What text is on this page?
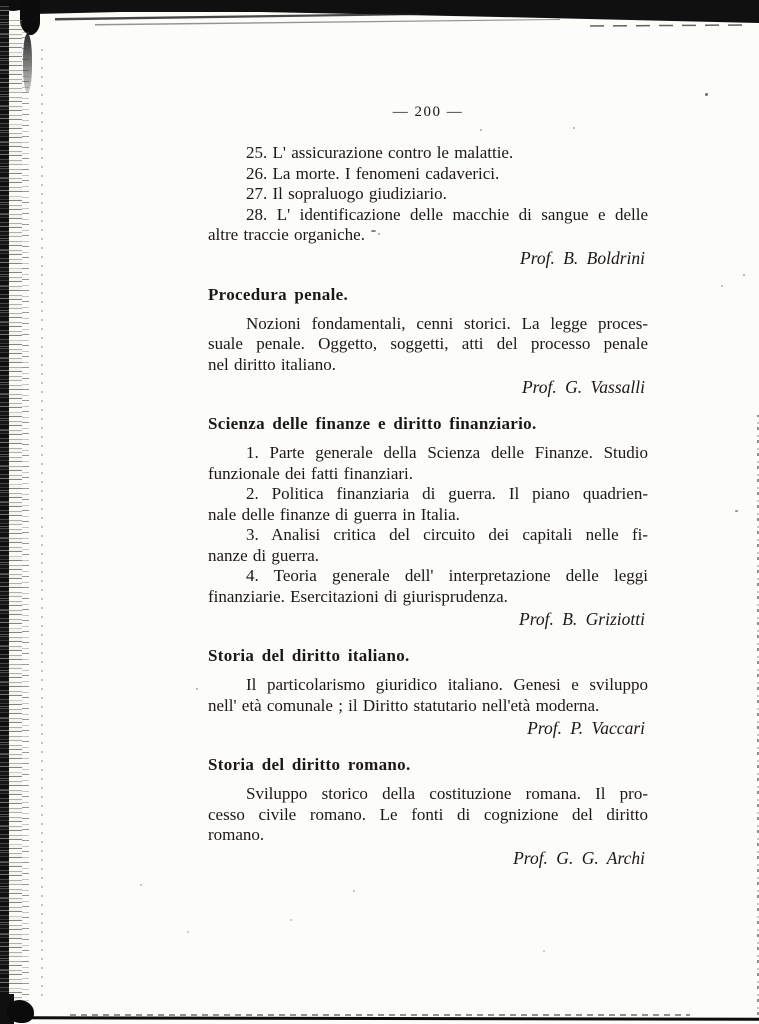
— 200 —
25. L' assicurazione contro le malattie.
26. La morte. I fenomeni cadaverici.
27. Il sopraluogo giudiziario.
28. L' identificazione delle macchie di sangue e delle
altre traccie organiche.
Prof. B. Boldrini
Procedura penale.
Nozioni fondamentali, cenni storici. La legge proces-
suale penale. Oggetto, soggetti, atti del processo penale
nel diritto italiano.
Prof. G. Vassalli
Scienza delle finanze e diritto finanziario.
1. Parte generale della Scienza delle Finanze. Studio
funzionale dei fatti finanziari.
2. Politica finanziaria di guerra. Il piano quadrien-
nale delle finanze di guerra in Italia.
3. Analisi critica del circuito dei capitali nelle fi-
nanze di guerra.
4. Teoria generale dell' interpretazione delle leggi
finanziarie. Esercitazioni di giurisprudenza.
Prof. B. Griziotti
Storia del diritto italiano.
Il particolarismo giuridico italiano. Genesi e sviluppo
nell' età comunale ; il Diritto statutario nell'età moderna.
Prof. P. Vaccari
Storia del diritto romano.
Sviluppo storico della costituzione romana. Il pro-
cesso civile romano. Le fonti di cognizione del diritto
romano.
Prof. G. G. Archi
